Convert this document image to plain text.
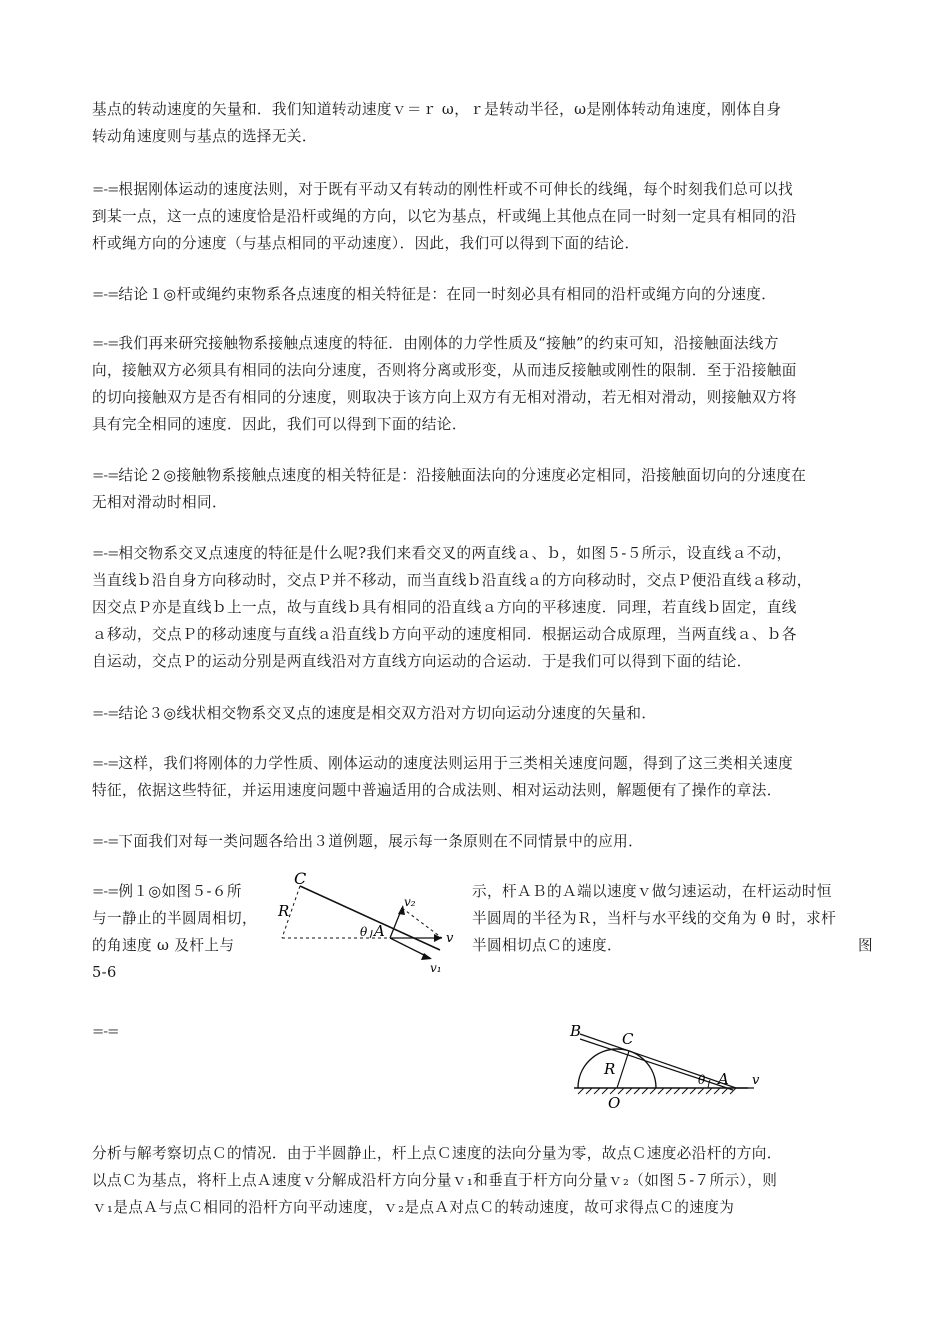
基点的转动速度的矢量和．我们知道转动速度ｖ＝ｒ ω，ｒ是转动半径，ω是刚体转动角速度，刚体自身
转动角速度则与基点的选择无关．
=-=根据刚体运动的速度法则，对于既有平动又有转动的刚性杆或不可伸长的线绳，每个时刻我们总可以找
到某一点，这一点的速度恰是沿杆或绳的方向，以它为基点，杆或绳上其他点在同一时刻一定具有相同的沿
杆或绳方向的分速度（与基点相同的平动速度）．因此，我们可以得到下面的结论．
=-=结论１◎杆或绳约束物系各点速度的相关特征是：在同一时刻必具有相同的沿杆或绳方向的分速度．
=-=我们再来研究接触物系接触点速度的特征．由刚体的力学性质及“接触”的约束可知，沿接触面法线方
向，接触双方必须具有相同的法向分速度，否则将分离或形变，从而违反接触或刚性的限制．至于沿接触面
的切向接触双方是否有相同的分速度，则取决于该方向上双方有无相对滑动，若无相对滑动，则接触双方将
具有完全相同的速度．因此，我们可以得到下面的结论．
=-=结论２◎接触物系接触点速度的相关特征是：沿接触面法向的分速度必定相同，沿接触面切向的分速度在
无相对滑动时相同．
=-=相交物系交叉点速度的特征是什么呢?我们来看交叉的两直线ａ、ｂ，如图５-５所示，设直线ａ不动，
当直线ｂ沿自身方向移动时，交点Ｐ并不移动，而当直线ｂ沿直线ａ的方向移动时，交点Ｐ便沿直线ａ移动，
因交点Ｐ亦是直线ｂ上一点，故与直线ｂ具有相同的沿直线ａ方向的平移速度．同理，若直线ｂ固定，直线
ａ移动，交点Ｐ的移动速度与直线ａ沿直线ｂ方向平动的速度相同．根据运动合成原理，当两直线ａ、ｂ各
自运动，交点Ｐ的运动分别是两直线沿对方直线方向运动的合运动．于是我们可以得到下面的结论．
=-=结论３◎线状相交物系交叉点的速度是相交双方沿对方切向运动分速度的矢量和．
=-=这样，我们将刚体的力学性质、刚体运动的速度法则运用于三类相关速度问题，得到了这三类相关速度
特征，依据这些特征，并运用速度问题中普遍适用的合成法则、相对运动法则，解题便有了操作的章法．
=-=下面我们对每一类问题各给出３道例题，展示每一条原则在不同情景中的应用．
=-=例１◎如图５-６所
与一静止的半圆周相切，
的角速度 ω 及杆上与
5-6
C
R
A
θ	v
v₁
v₂
示，杆ＡＢ的Ａ端以速度ｖ做匀速运动，在杆运动时恒
半圆周的半径为Ｒ，当杆与水平线的交角为 θ 时，求杆
半圆相切点Ｃ的速度．	图
=-=	B	C
R
A
θ	v
O
分析与解考察切点Ｃ的情况．由于半圆静止，杆上点Ｃ速度的法向分量为零，故点Ｃ速度必沿杆的方向．
以点Ｃ为基点，将杆上点Ａ速度ｖ分解成沿杆方向分量ｖ₁和垂直于杆方向分量ｖ₂（如图５-７所示），则
ｖ₁是点Ａ与点Ｃ相同的沿杆方向平动速度，ｖ₂是点Ａ对点Ｃ的转动速度，故可求得点Ｃ的速度为
